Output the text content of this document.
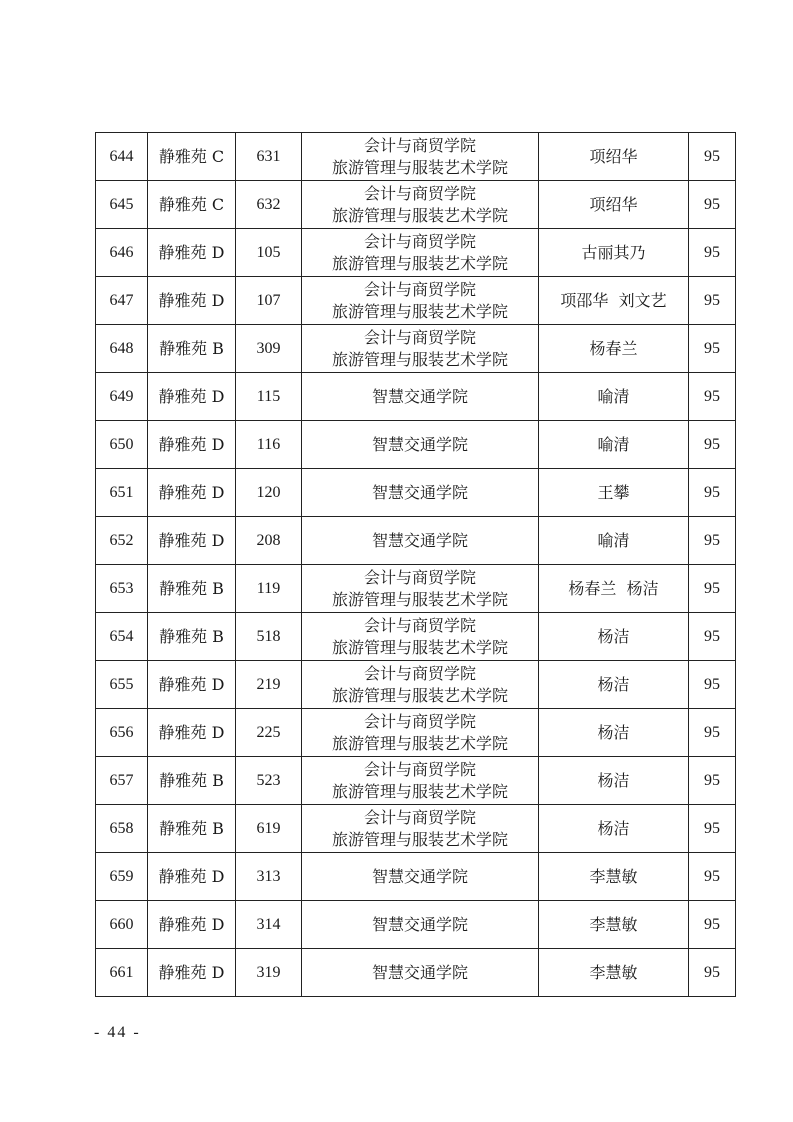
644	静雅苑 C	631	会计与商贸学院
旅游管理与服装艺术学院	项绍华	95
645	静雅苑 C	632	会计与商贸学院
旅游管理与服装艺术学院	项绍华	95
646	静雅苑 D	105	会计与商贸学院
旅游管理与服装艺术学院	古丽其乃	95
647	静雅苑 D	107	会计与商贸学院
旅游管理与服装艺术学院	项邵华  刘文艺	95
648	静雅苑 B	309	会计与商贸学院
旅游管理与服装艺术学院	杨春兰	95
649	静雅苑 D	115	智慧交通学院	喻清	95
650	静雅苑 D	116	智慧交通学院	喻清	95
651	静雅苑 D	120	智慧交通学院	王攀	95
652	静雅苑 D	208	智慧交通学院	喻清	95
653	静雅苑 B	119	会计与商贸学院
旅游管理与服装艺术学院	杨春兰  杨洁	95
654	静雅苑 B	518	会计与商贸学院
旅游管理与服装艺术学院	杨洁	95
655	静雅苑 D	219	会计与商贸学院
旅游管理与服装艺术学院	杨洁	95
656	静雅苑 D	225	会计与商贸学院
旅游管理与服装艺术学院	杨洁	95
657	静雅苑 B	523	会计与商贸学院
旅游管理与服装艺术学院	杨洁	95
658	静雅苑 B	619	会计与商贸学院
旅游管理与服装艺术学院	杨洁	95
659	静雅苑 D	313	智慧交通学院	李慧敏	95
660	静雅苑 D	314	智慧交通学院	李慧敏	95
661	静雅苑 D	319	智慧交通学院	李慧敏	95
- 44 -
